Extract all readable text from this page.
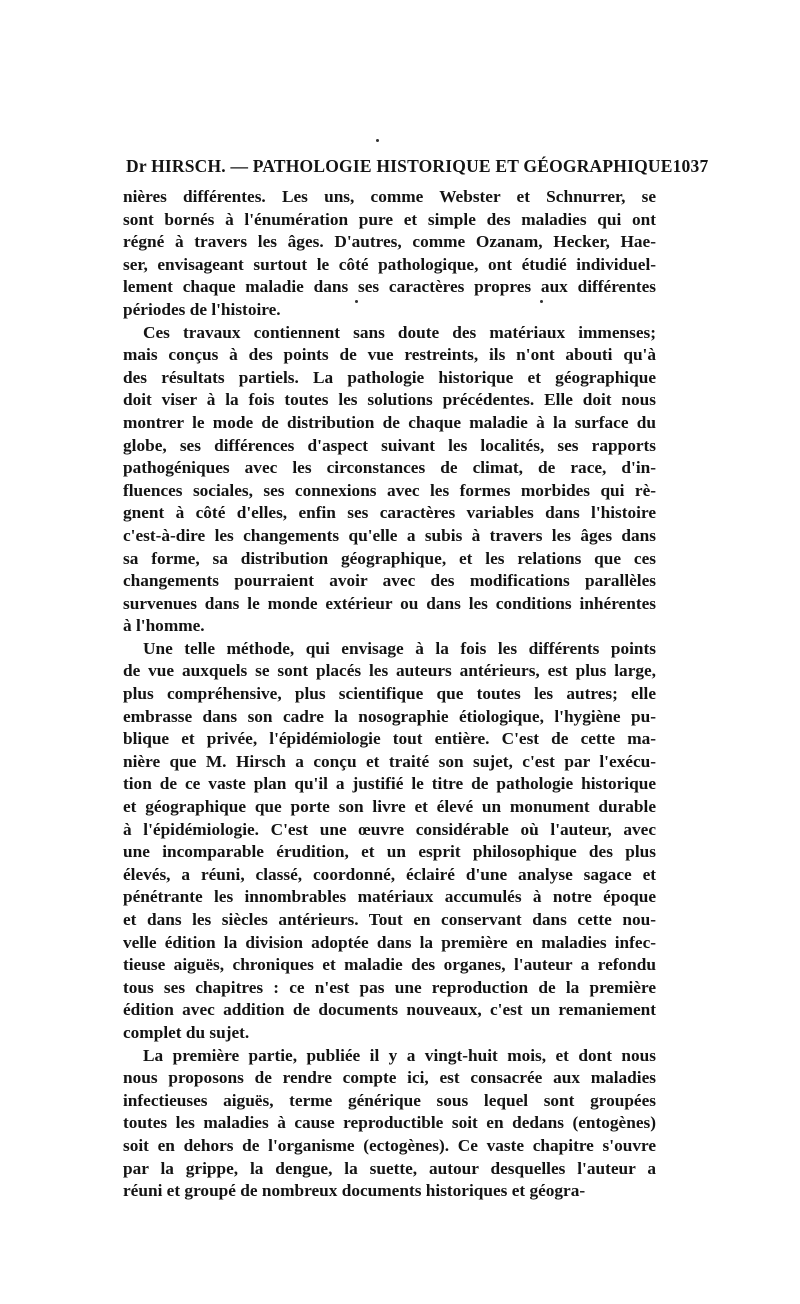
Dr HIRSCH. — PATHOLOGIE HISTORIQUE ET GÉOGRAPHIQUE 1037
nières différentes. Les uns, comme Webster et Schnurrer, se
sont bornés à l'énumération pure et simple des maladies qui ont
régné à travers les âges. D'autres, comme Ozanam, Hecker, Hae-
ser, envisageant surtout le côté pathologique, ont étudié individuel-
lement chaque maladie dans ses caractères propres aux différentes
périodes de l'histoire.
Ces travaux contiennent sans doute des matériaux immenses;
mais conçus à des points de vue restreints, ils n'ont abouti qu'à
des résultats partiels. La pathologie historique et géographique
doit viser à la fois toutes les solutions précédentes. Elle doit nous
montrer le mode de distribution de chaque maladie à la surface du
globe, ses différences d'aspect suivant les localités, ses rapports
pathogéniques avec les circonstances de climat, de race, d'in-
fluences sociales, ses connexions avec les formes morbides qui rè-
gnent à côté d'elles, enfin ses caractères variables dans l'histoire
c'est-à-dire les changements qu'elle a subis à travers les âges dans
sa forme, sa distribution géographique, et les relations que ces
changements pourraient avoir avec des modifications parallèles
survenues dans le monde extérieur ou dans les conditions inhérentes
à l'homme.
Une telle méthode, qui envisage à la fois les différents points
de vue auxquels se sont placés les auteurs antérieurs, est plus large,
plus compréhensive, plus scientifique que toutes les autres; elle
embrasse dans son cadre la nosographie étiologique, l'hygiène pu-
blique et privée, l'épidémiologie tout entière. C'est de cette ma-
nière que M. Hirsch a conçu et traité son sujet, c'est par l'exécu-
tion de ce vaste plan qu'il a justifié le titre de pathologie historique
et géographique que porte son livre et élevé un monument durable
à l'épidémiologie. C'est une œuvre considérable où l'auteur, avec
une incomparable érudition, et un esprit philosophique des plus
élevés, a réuni, classé, coordonné, éclairé d'une analyse sagace et
pénétrante les innombrables matériaux accumulés à notre époque
et dans les siècles antérieurs. Tout en conservant dans cette nou-
velle édition la division adoptée dans la première en maladies infec-
tieuse aiguës, chroniques et maladie des organes, l'auteur a refondu
tous ses chapitres : ce n'est pas une reproduction de la première
édition avec addition de documents nouveaux, c'est un remaniement
complet du sujet.
La première partie, publiée il y a vingt-huit mois, et dont nous
nous proposons de rendre compte ici, est consacrée aux maladies
infectieuses aiguës, terme générique sous lequel sont groupées
toutes les maladies à cause reproductible soit en dedans (entogènes)
soit en dehors de l'organisme (ectogènes). Ce vaste chapitre s'ouvre
par la grippe, la dengue, la suette, autour desquelles l'auteur a
réuni et groupé de nombreux documents historiques et géogra-
